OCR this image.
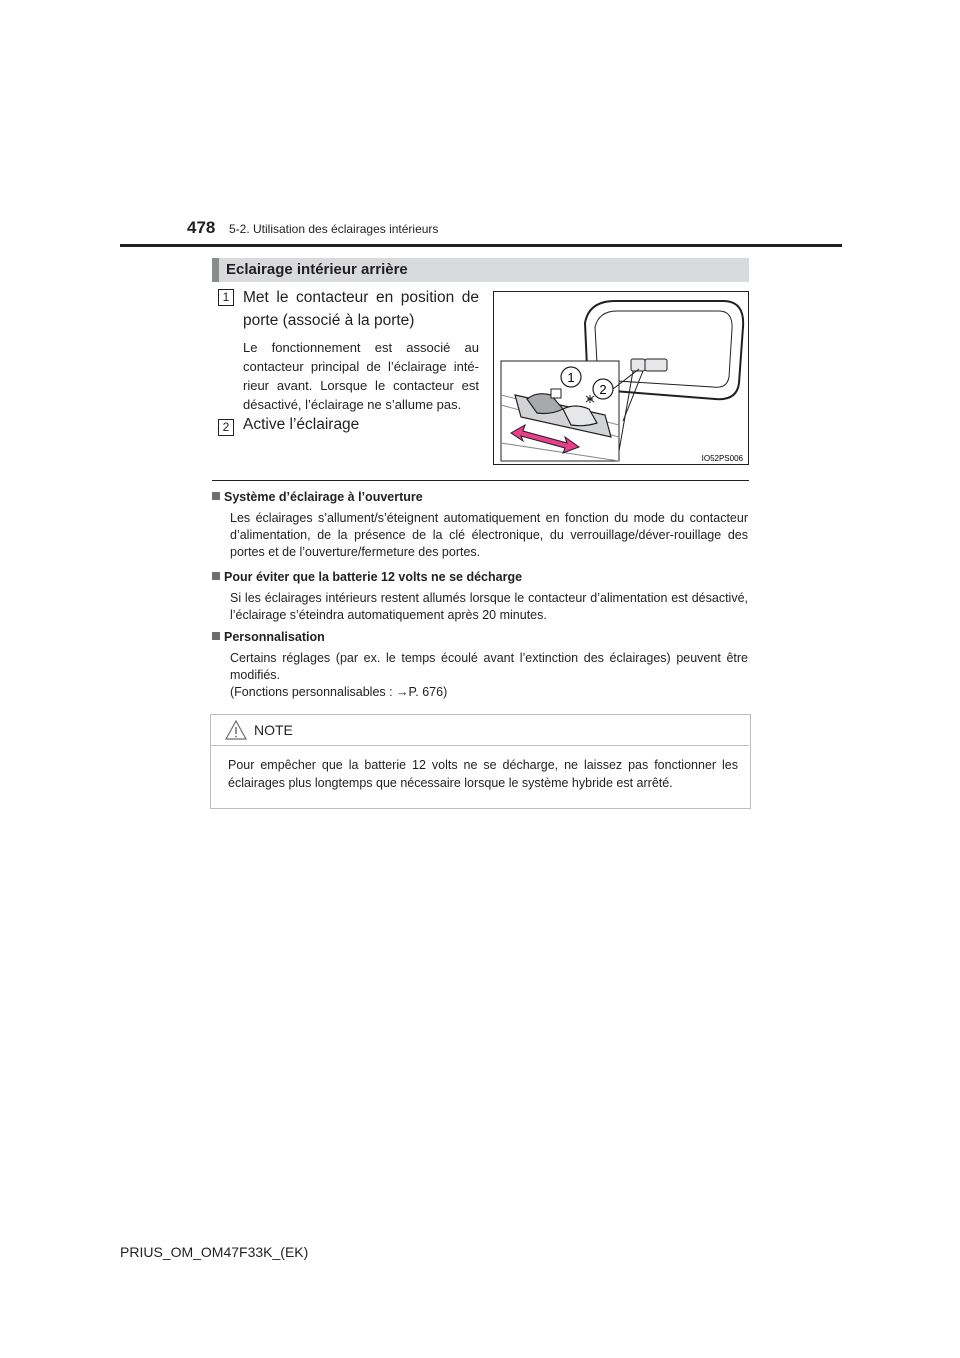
478 5-2. Utilisation des éclairages intérieurs
Eclairage intérieur arrière
1 Met le contacteur en position de porte (associé à la porte)
Le fonctionnement est associé au contacteur principal de l’éclairage inté-rieur avant. Lorsque le contacteur est désactivé, l’éclairage ne s’allume pas.
2 Active l’éclairage
1
2
IO52PS006
Système d’éclairage à l’ouverture
Les éclairages s’allument/s’éteignent automatiquement en fonction du mode du contacteur d’alimentation, de la présence de la clé électronique, du verrouillage/déver-rouillage des portes et de l’ouverture/fermeture des portes.
Pour éviter que la batterie 12 volts ne se décharge
Si les éclairages intérieurs restent allumés lorsque le contacteur d’alimentation est désactivé, l’éclairage s’éteindra automatiquement après 20 minutes.
Personnalisation
Certains réglages (par ex. le temps écoulé avant l’extinction des éclairages) peuvent être modifiés.
(Fonctions personnalisables : →P. 676)
NOTE
Pour empêcher que la batterie 12 volts ne se décharge, ne laissez pas fonctionner les éclairages plus longtemps que nécessaire lorsque le système hybride est arrêté.
PRIUS_OM_OM47F33K_(EK)
